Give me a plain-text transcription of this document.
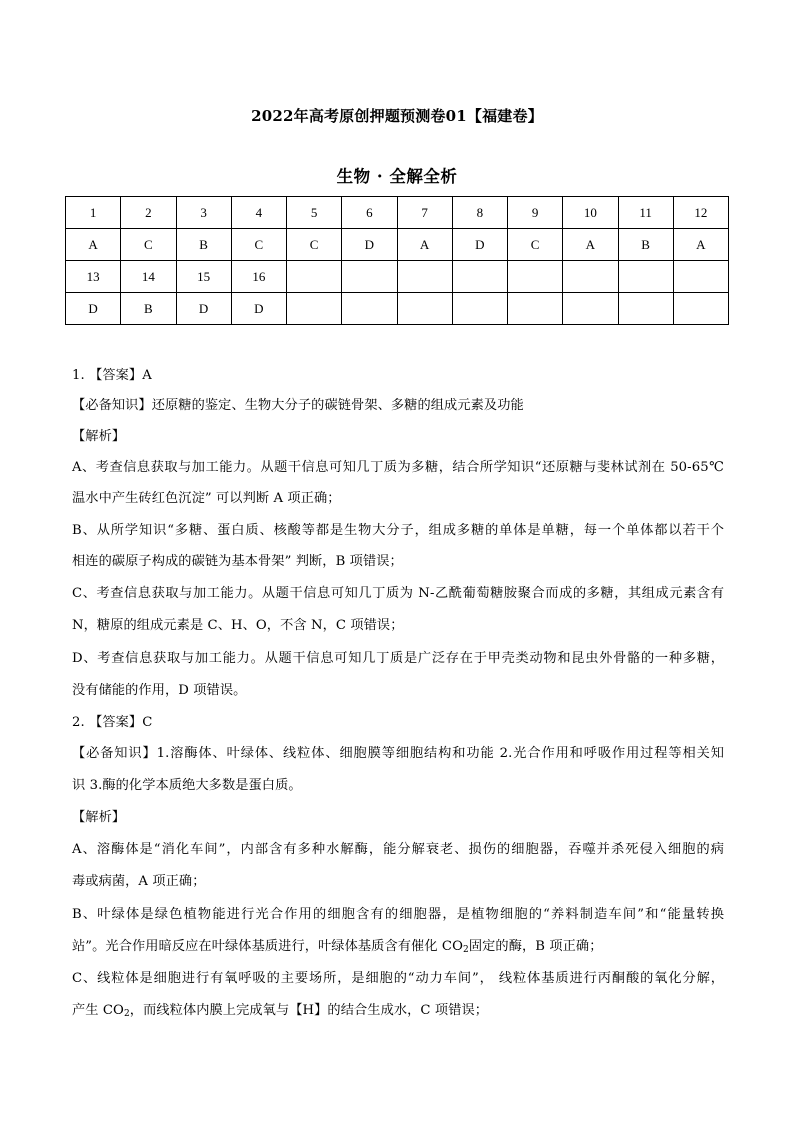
2022年高考原创押题预测卷01【福建卷】
生物 · 全解全析
1	2	3	4	5	6	7	8	9	10	11	12
A	C	B	C	C	D	A	D	C	A	B	A
13	14	15	16								
D	B	D	D								
1. 【答案】A
【必备知识】还原糖的鉴定、生物大分子的碳链骨架、多糖的组成元素及功能
【解析】
A、考查信息获取与加工能力。从题干信息可知几丁质为多糖，结合所学知识“还原糖与斐林试剂在 50-65℃
温水中产生砖红色沉淀” 可以判断 A 项正确；
B、从所学知识“多糖、蛋白质、核酸等都是生物大分子，组成多糖的单体是单糖，每一个单体都以若干个
相连的碳原子构成的碳链为基本骨架” 判断，B 项错误；
C、考查信息获取与加工能力。从题干信息可知几丁质为 N-乙酰葡萄糖胺聚合而成的多糖，其组成元素含有
N，糖原的组成元素是 C、H、O，不含 N，C 项错误；
D、考查信息获取与加工能力。从题干信息可知几丁质是广泛存在于甲壳类动物和昆虫外骨骼的一种多糖，
没有储能的作用，D 项错误。
2. 【答案】C
【必备知识】1.溶酶体、叶绿体、线粒体、细胞膜等细胞结构和功能 2.光合作用和呼吸作用过程等相关知
识 3.酶的化学本质绝大多数是蛋白质。
【解析】
A、溶酶体是“消化车间”，内部含有多种水解酶，能分解衰老、损伤的细胞器，吞噬并杀死侵入细胞的病
毒或病菌，A 项正确；
B、叶绿体是绿色植物能进行光合作用的细胞含有的细胞器，是植物细胞的“养料制造车间”和“能量转换
站”。光合作用暗反应在叶绿体基质进行，叶绿体基质含有催化 $CO_2$固定的酶，B 项正确；
C、线粒体是细胞进行有氧呼吸的主要场所，是细胞的“动力车间”， 线粒体基质进行丙酮酸的氧化分解，
产生 $CO_2$，而线粒体内膜上完成氧与【H】的结合生成水，C 项错误；
